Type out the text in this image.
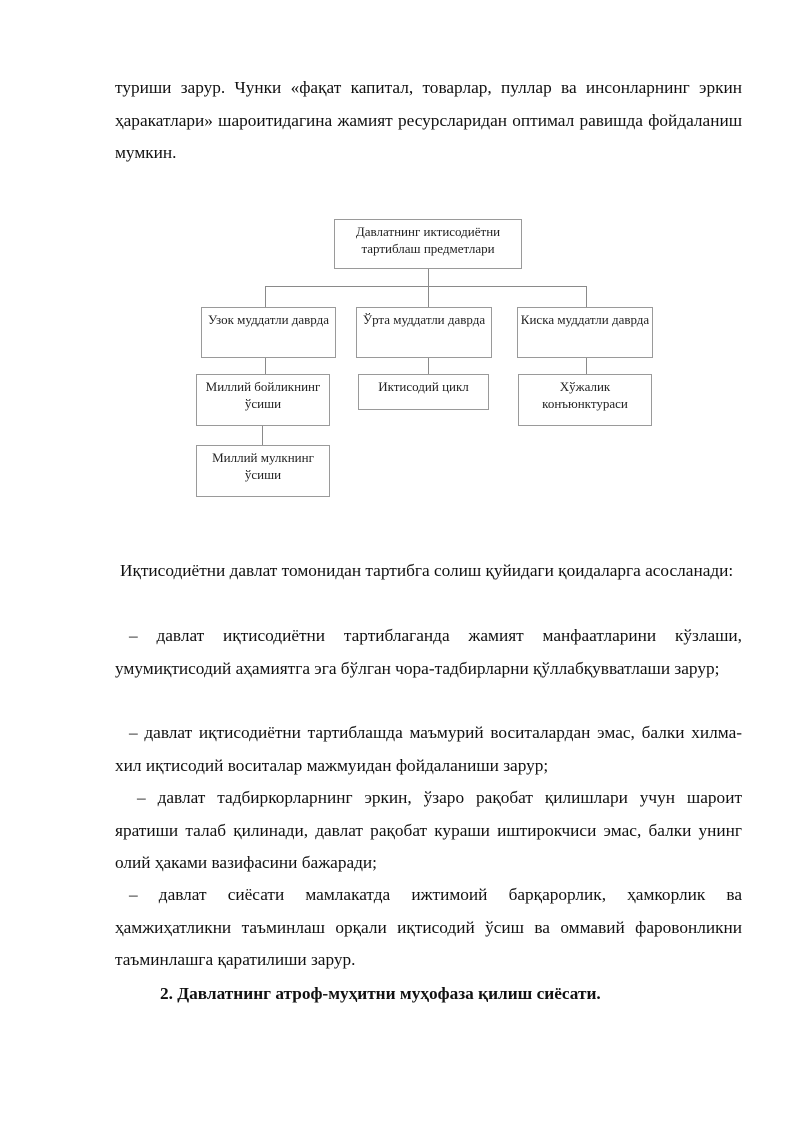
туриши зарур. Чунки «фақат капитал, товарлар, пуллар ва инсонларнинг эркин ҳаракатлари» шароитидагина жамият ресурсларидан оптимал равишда фойдаланиш мумкин.

Давлатнинг иктисодиётни тартиблаш предметлари
Узок муддатли даврда	Ўрта муддатли даврда	Киска муддатли даврда
Миллий бойликнинг ўсиши
Иктисодий цикл	Хўжалик конъюнктураси
Миллий мулкнинг ўсиши

Иқтисодиётни давлат томонидан тартибга солиш қуйидаги қоидаларга асосланади:

– давлат иқтисодиётни тартиблаганда жамият манфаатларини кўзлаши, умумиқтисодий аҳамиятга эга бўлган чора-тадбирларни қўллабқувватлаши зарур;

– давлат иқтисодиётни тартиблашда маъмурий воситалардан эмас, балки хилма-хил иқтисодий воситалар мажмуидан фойдаланиши зарур;

– давлат тадбиркорларнинг эркин, ўзаро рақобат қилишлари учун шароит яратиши талаб қилинади, давлат рақобат кураши иштирокчиси эмас, балки унинг олий ҳаками вазифасини бажаради;

– давлат сиёсати мамлакатда ижтимоий барқарорлик, ҳамкорлик ва ҳамжиҳатликни таъминлаш орқали иқтисодий ўсиш ва оммавий фаровонликни таъминлашга қаратилиши зарур.

2. Давлатнинг атроф-муҳитни муҳофаза қилиш сиёсати.
